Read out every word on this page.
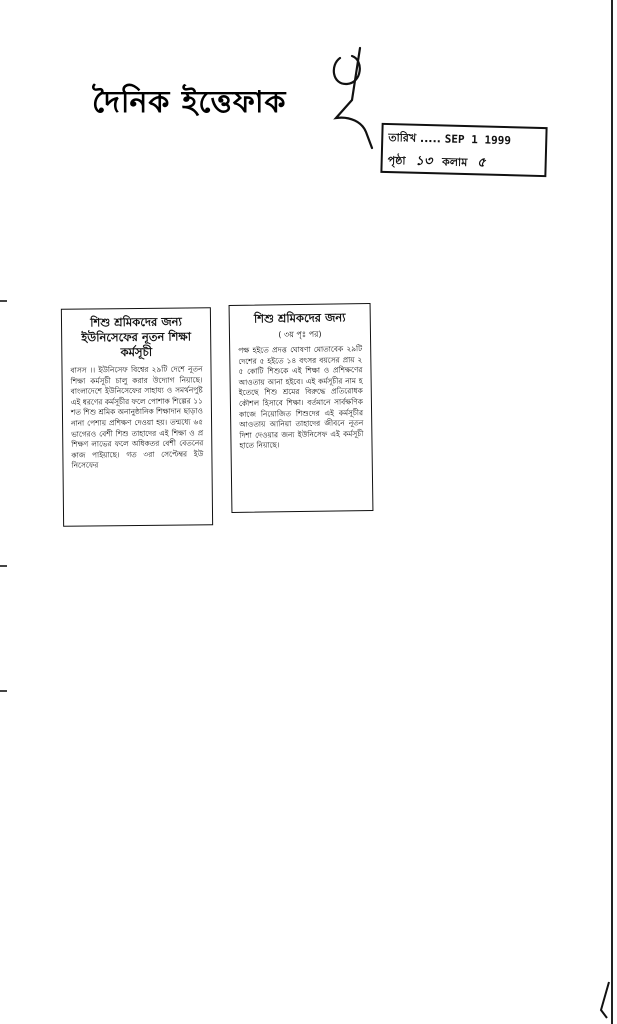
দৈনিক ইত্তেফাক
তারিখ ..... SEP 1 1999
পৃষ্ঠা ১৩ কলাম ৫
শিশু শ্রমিকদের জন্য ইউনিসেফের নূতন শিক্ষা কর্মসূচী
বাসস ।। ইউনিসেফ বিশ্বের ২৯টি দেশে নূতন শিক্ষা কর্মসূচী চালু করার উদ্যোগ নিয়াছে। বাংলাদেশে ইউনিসেফের সাহায্য ও সমর্থনপুষ্ট এই ধরণের কর্মসূচীর ফলে পোশাক শিল্পের ১১ শত শিশু শ্রমিক অনানুষ্ঠানিক শিক্ষাদান ছাড়াও নানা পেশায় প্রশিক্ষণ দেওয়া হয়। তন্মধ্যে ৬৫ ভাগেরও বেশী শিশু তাহাদের এই শিক্ষা ও প্রশিক্ষণ লাভের ফলে অধিকতর বেশী বেতনের কাজ পাইয়াছে। গত ৩রা সেপ্টেম্বর ইউনিসেফের
শিশু শ্রমিকদের জন্য
( ৩য় পৃঃ পর)
পক্ষ হইতে প্রদত্ত ঘোষণা মোতাবেক ২৯টি দেশের ৫ হইতে ১৪ বৎসর বয়সের প্রায় ২৫ কোটি শিশুকে এই শিক্ষা ও প্রশিক্ষণের আওতায় আনা হইবে। এই কর্মসূচীর নাম হইতেছে শিশু শ্রমের বিরুদ্ধে প্রতিরোধক কৌশল হিসাবে শিক্ষা। বর্তমানে সার্বক্ষণিক কাজে নিয়োজিত শিশুদের এই কর্মসূচীর আওতায় আনিয়া তাহাদের জীবনে নূতন দিশা দেওয়ার জন্য ইউনিসেফ এই কর্মসূচী হাতে নিয়াছে।
